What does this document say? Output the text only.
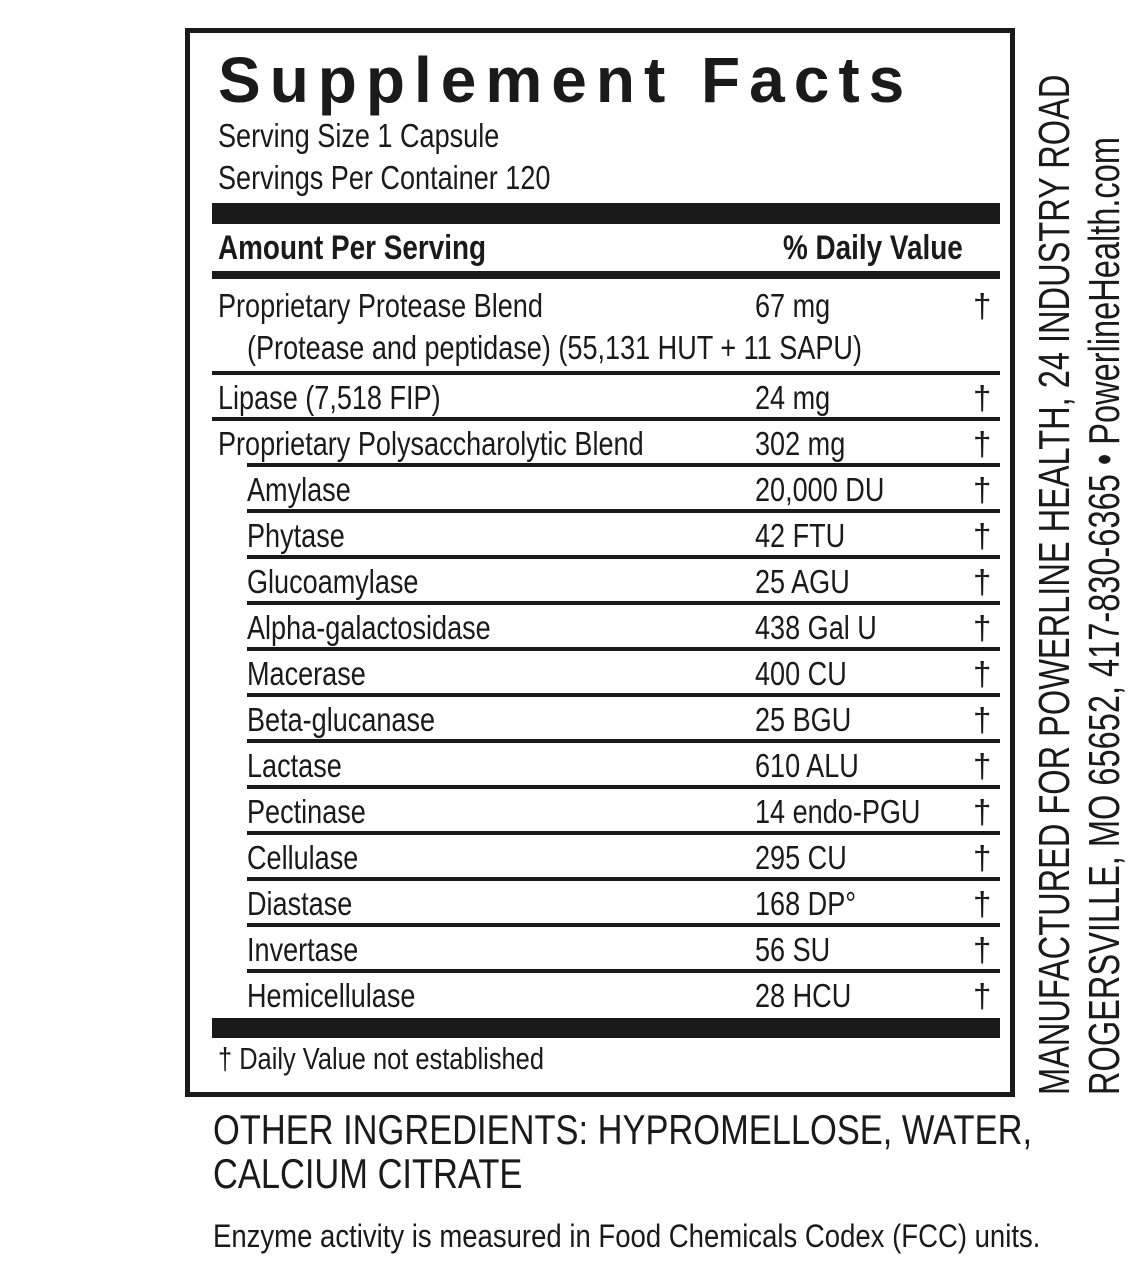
Supplement Facts
Serving Size 1 Capsule
Servings Per Container 120
Amount Per Serving	% Daily Value
Proprietary Protease Blend	67 mg	†
(Protease and peptidase) (55,131 HUT + 11 SAPU)
Lipase (7,518 FIP)	24 mg	†
Proprietary Polysaccharolytic Blend	302 mg	†
Amylase	20,000 DU	†
Phytase	42 FTU	†
Glucoamylase	25 AGU	†
Alpha-galactosidase	438 Gal U	†
Macerase	400 CU	†
Beta-glucanase	25 BGU	†
Lactase	610 ALU	†
Pectinase	14 endo-PGU	†
Cellulase	295 CU	†
Diastase	168 DP°	†
Invertase	56 SU	†
Hemicellulase	28 HCU	†
† Daily Value not established
OTHER INGREDIENTS: HYPROMELLOSE, WATER,
CALCIUM CITRATE
Enzyme activity is measured in Food Chemicals Codex (FCC) units.
MANUFACTURED FOR POWERLINE HEALTH, 24 INDUSTRY ROAD ROGERSVILLE, MO 65652, 417-830-6365 • PowerlineHealth.com
